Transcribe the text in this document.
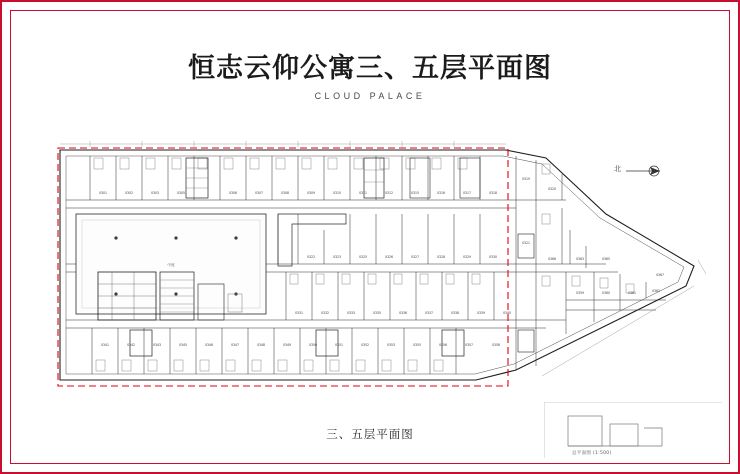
恒志云仰公寓三、五层平面图
CLOUD PALACE
0301	0302	0303	0305	0306	0307	0308	0309	0310	0311	0312	0315	0316	0317	0318
0319
0320
0321
0322	0323	0325	0326	0327	0328	0329	0330
0331	0332	0333	0335	0336	0337	0338	0339	0340
0341	0342	0343	0345	0346	0347	0348	0349	0350	0351	0352	0353	0355	0356	0357	0358
0359	0360	0361	0362
0363	0365
0366
0367
中庭
北
总平面图 (1:500)
三、五层平面图
